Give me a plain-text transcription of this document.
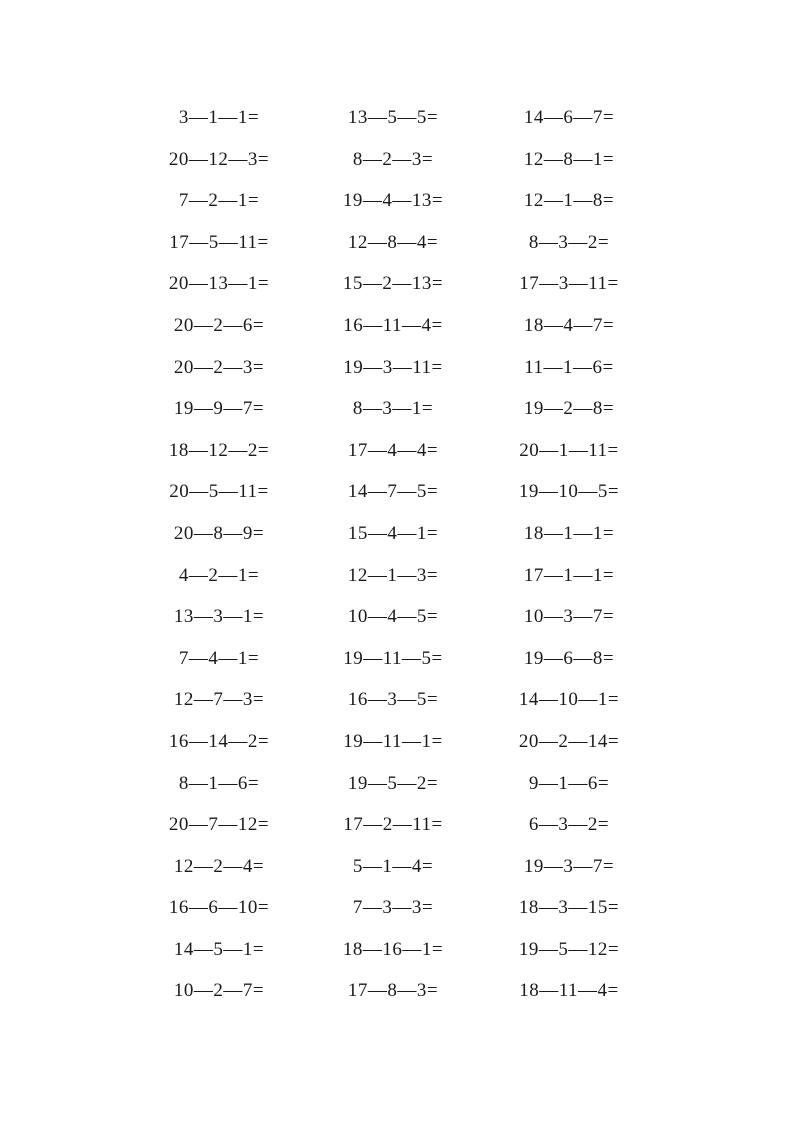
3—1—1=	13—5—5=	14—6—7=
20—12—3=	8—2—3=	12—8—1=
7—2—1=	19—4—13=	12—1—8=
17—5—11=	12—8—4=	8—3—2=
20—13—1=	15—2—13=	17—3—11=
20—2—6=	16—11—4=	18—4—7=
20—2—3=	19—3—11=	11—1—6=
19—9—7=	8—3—1=	19—2—8=
18—12—2=	17—4—4=	20—1—11=
20—5—11=	14—7—5=	19—10—5=
20—8—9=	15—4—1=	18—1—1=
4—2—1=	12—1—3=	17—1—1=
13—3—1=	10—4—5=	10—3—7=
7—4—1=	19—11—5=	19—6—8=
12—7—3=	16—3—5=	14—10—1=
16—14—2=	19—11—1=	20—2—14=
8—1—6=	19—5—2=	9—1—6=
20—7—12=	17—2—11=	6—3—2=
12—2—4=	5—1—4=	19—3—7=
16—6—10=	7—3—3=	18—3—15=
14—5—1=	18—16—1=	19—5—12=
10—2—7=	17—8—3=	18—11—4=
